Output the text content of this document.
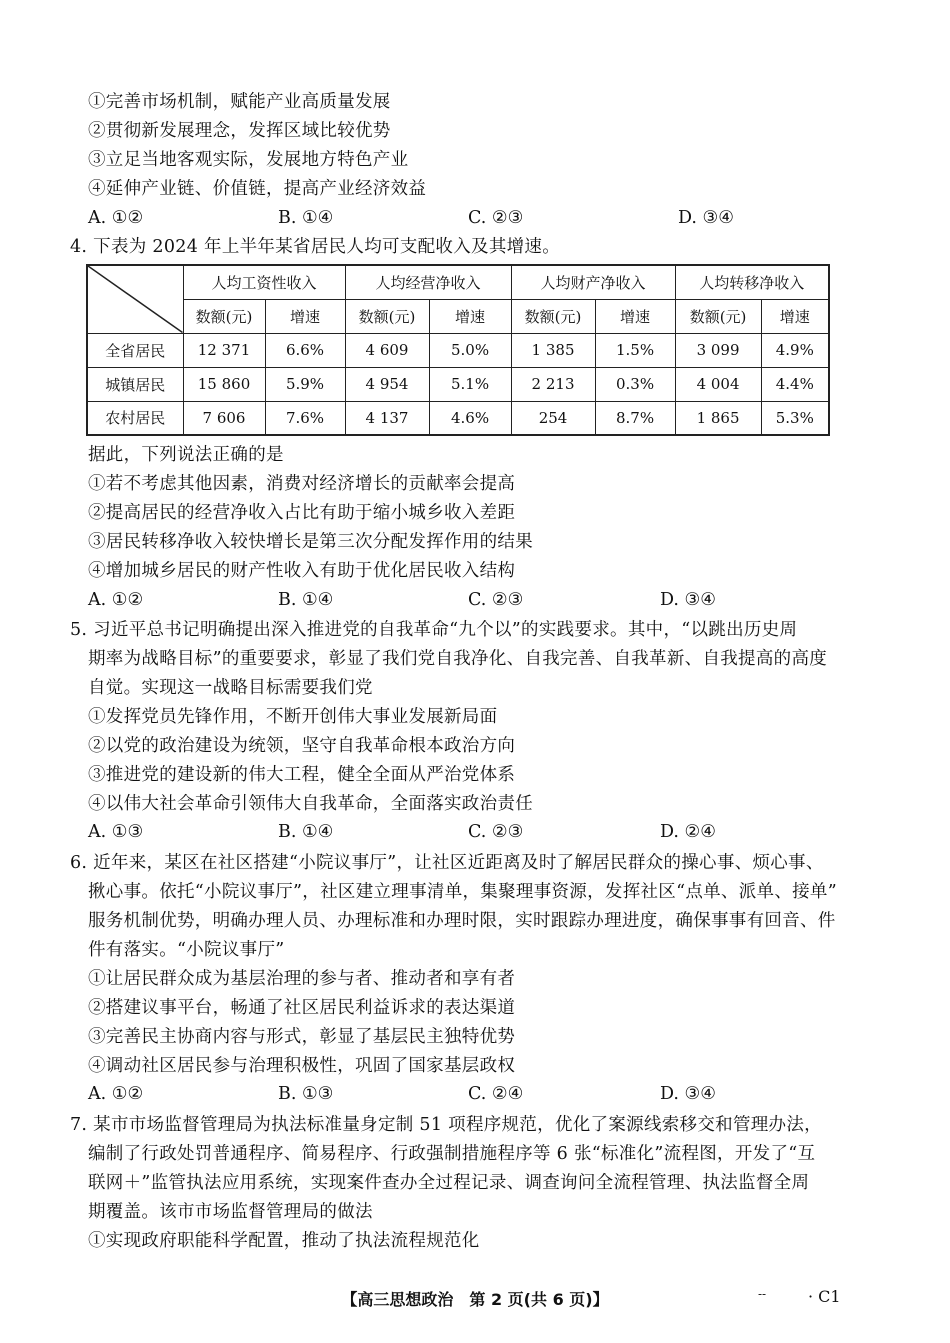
①完善市场机制，赋能产业高质量发展
②贯彻新发展理念，发挥区域比较优势
③立足当地客观实际，发展地方特色产业
④延伸产业链、价值链，提高产业经济效益
A. ①②	B. ①④	C. ②③	D. ③④
4. 下表为 2024 年上半年某省居民人均可支配收入及其增速。
	人均工资性收入		人均经营净收入		人均财产净收入		人均转移净收入	
	数额(元)	增速	数额(元)	增速	数额(元)	增速	数额(元)	增速
全省居民	12 371	6.6%	4 609	5.0%	1 385	1.5%	3 099	4.9%
城镇居民	15 860	5.9%	4 954	5.1%	2 213	0.3%	4 004	4.4%
农村居民	7 606	7.6%	4 137	4.6%	254	8.7%	1 865	5.3%
据此，下列说法正确的是
①若不考虑其他因素，消费对经济增长的贡献率会提高
②提高居民的经营净收入占比有助于缩小城乡收入差距
③居民转移净收入较快增长是第三次分配发挥作用的结果
④增加城乡居民的财产性收入有助于优化居民收入结构
A. ①②	B. ①④	C. ②③	D. ③④
5. 习近平总书记明确提出深入推进党的自我革命“九个以”的实践要求。其中，“以跳出历史周
期率为战略目标”的重要要求，彰显了我们党自我净化、自我完善、自我革新、自我提高的高度
自觉。实现这一战略目标需要我们党
①发挥党员先锋作用，不断开创伟大事业发展新局面
②以党的政治建设为统领，坚守自我革命根本政治方向
③推进党的建设新的伟大工程，健全全面从严治党体系
④以伟大社会革命引领伟大自我革命，全面落实政治责任
A. ①③	B. ①④	C. ②③	D. ②④
6. 近年来，某区在社区搭建“小院议事厅”，让社区近距离及时了解居民群众的操心事、烦心事、
揪心事。依托“小院议事厅”，社区建立理事清单，集聚理事资源，发挥社区“点单、派单、接单”
服务机制优势，明确办理人员、办理标准和办理时限，实时跟踪办理进度，确保事事有回音、件
件有落实。“小院议事厅”
①让居民群众成为基层治理的参与者、推动者和享有者
②搭建议事平台，畅通了社区居民利益诉求的表达渠道
③完善民主协商内容与形式，彰显了基层民主独特优势
④调动社区居民参与治理积极性，巩固了国家基层政权
A. ①②	B. ①③	C. ②④	D. ③④
7. 某市市场监督管理局为执法标准量身定制 51 项程序规范，优化了案源线索移交和管理办法，
编制了行政处罚普通程序、简易程序、行政强制措施程序等 6 张“标准化”流程图，开发了“互
联网＋”监管执法应用系统，实现案件查办全过程记录、调查询问全流程管理、执法监督全周
期覆盖。该市市场监督管理局的做法
①实现政府职能科学配置，推动了执法流程规范化
【高三思想政治　第 2 页(共 6 页)】	--	· C1
